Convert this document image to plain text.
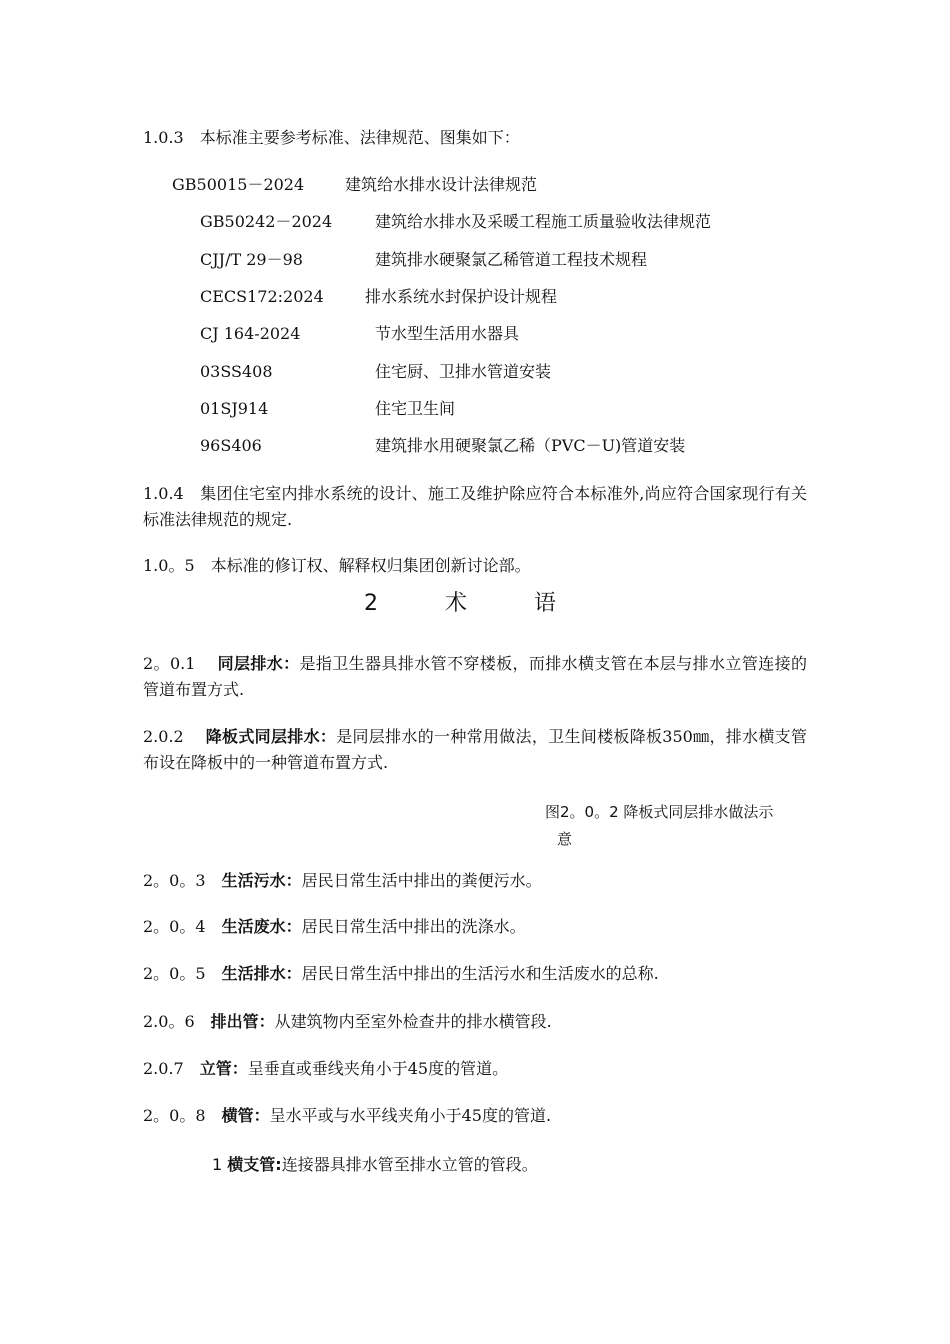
1.0.3　本标准主要参考标准、法律规范、图集如下：
GB50015－2024	建筑给水排水设计法律规范
GB50242－2024	建筑给水排水及采暖工程施工质量验收法律规范
CJJ/T 29－98	建筑排水硬聚氯乙稀管道工程技术规程
CECS172:2024	排水系统水封保护设计规程
CJ 164-2024	节水型生活用水器具
03SS408	住宅厨、卫排水管道安装
01SJ914	住宅卫生间
96S406	建筑排水用硬聚氯乙稀（PVC－U)管道安装
1.0.4　集团住宅室内排水系统的设计、施工及维护除应符合本标准外,尚应符合国家现行有关标准法律规范的规定.
1.0。5　本标准的修订权、解释权归集团创新讨论部。
2 术 语
2。0.1　 同层排水：是指卫生器具排水管不穿楼板，而排水横支管在本层与排水立管连接的管道布置方式.
2.0.2　 降板式同层排水：是同层排水的一种常用做法，卫生间楼板降板350㎜，排水横支管布设在降板中的一种管道布置方式.
图2。0。2 降板式同层排水做法示
意
2。0。3　 生活污水：居民日常生活中排出的粪便污水。
2。0。4　 生活废水：居民日常生活中排出的洗涤水。
2。0。5　 生活排水：居民日常生活中排出的生活污水和生活废水的总称.
2.0。6　 排出管：从建筑物内至室外检查井的排水横管段.
2.0.7　 立管：呈垂直或垂线夹角小于45度的管道。
2。0。8　 横管：呈水平或与水平线夹角小于45度的管道.
1 横支管:连接器具排水管至排水立管的管段。
